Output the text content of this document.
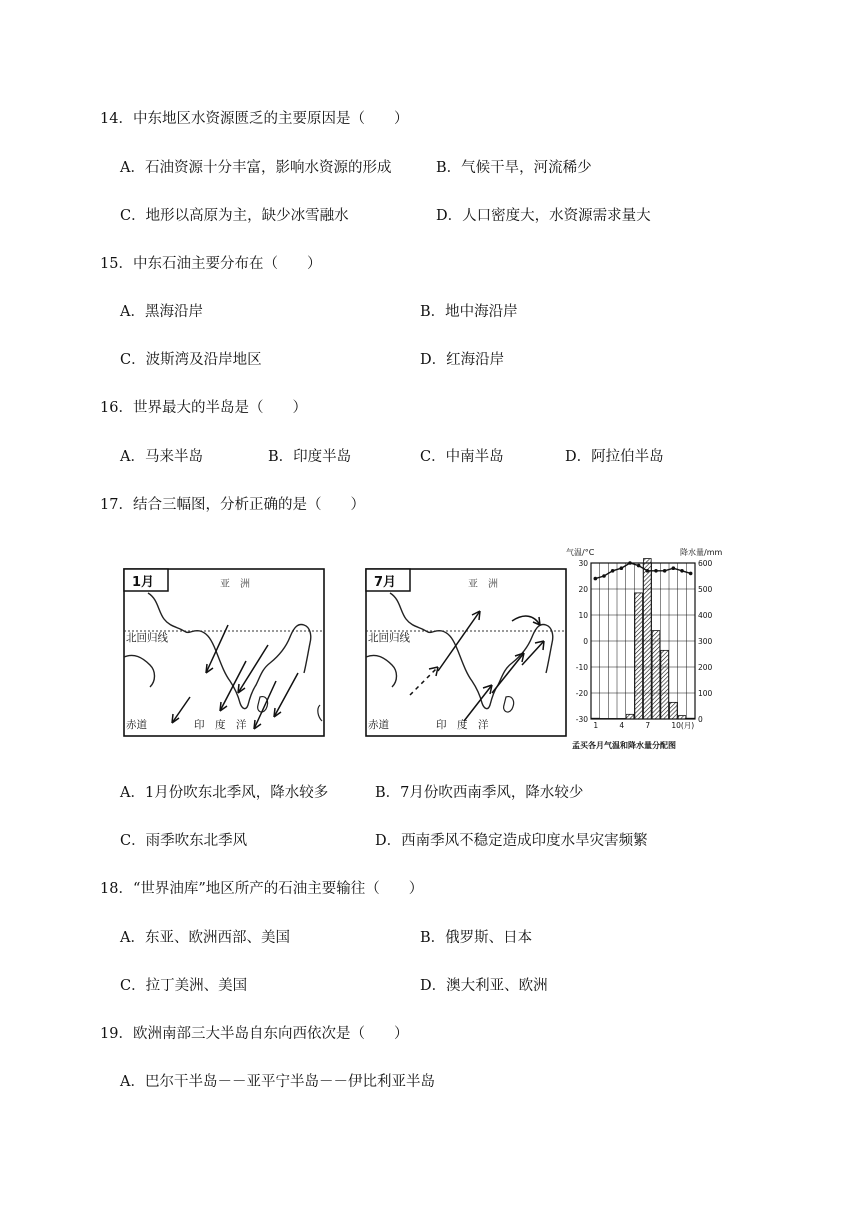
14．中东地区水资源匮乏的主要原因是（　　）
A．石油资源十分丰富，影响水资源的形成	B．气候干旱，河流稀少
C．地形以高原为主，缺少冰雪融水	D．人口密度大，水资源需求量大
15．中东石油主要分布在（　　）
A．黑海沿岸	B．地中海沿岸
C．波斯湾及沿岸地区	D．红海沿岸
16．世界最大的半岛是（　　）
A．马来半岛	B．印度半岛	C．中南半岛	D．阿拉伯半岛
17．结合三幅图，分析正确的是（　　）
1月	亚　洲
北回归线
赤道	印　度　洋
7月	亚　洲
北回归线
赤道	印　度　洋
气温/°C	降水量/mm
-30
-20
-10
0
10
20
30
0
100
200
300
400
500
600
1	4	7	10(月)
孟买各月气温和降水量分配图
A．1月份吹东北季风，降水较多	B．7月份吹西南季风，降水较少
C．雨季吹东北季风	D．西南季风不稳定造成印度水旱灾害频繁
18．“世界油库”地区所产的石油主要输往（　　）
A．东亚、欧洲西部、美国	B．俄罗斯、日本
C．拉丁美洲、美国	D．澳大利亚、欧洲
19．欧洲南部三大半岛自东向西依次是（　　）
A．巴尔干半岛－－亚平宁半岛－－伊比利亚半岛
